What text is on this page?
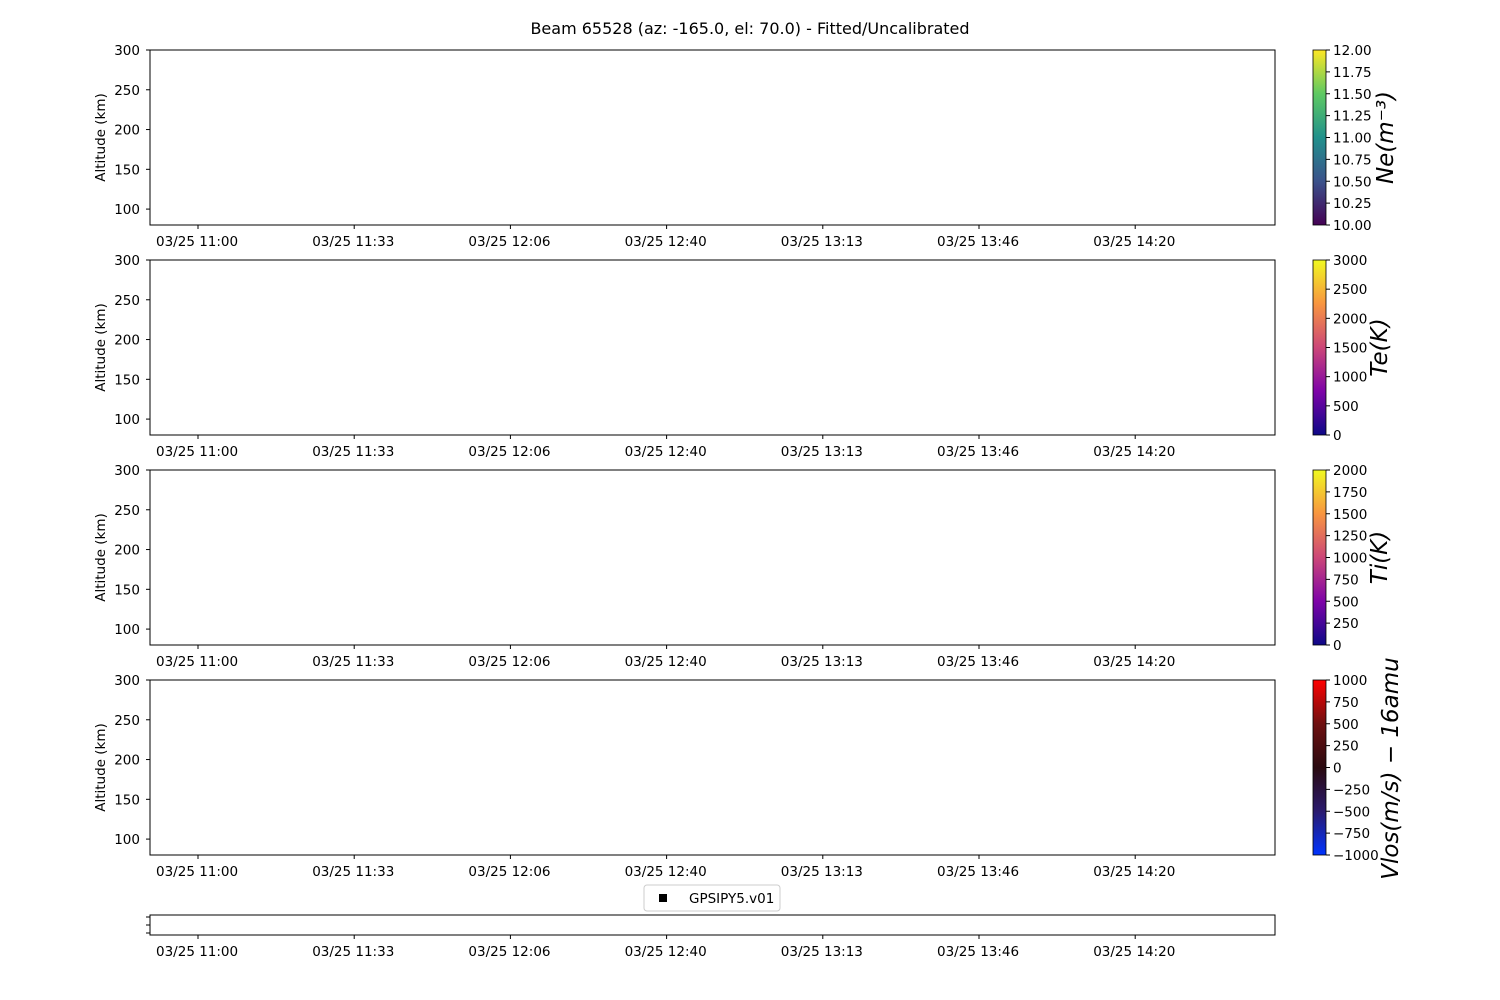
Beam 65528 (az: -165.0, el: 70.0) - Fitted/Uncalibrated
100
150
200
250
300
Altitude (km)
03/25 11:00	03/25 11:33	03/25 12:06	03/25 12:40	03/25 13:13	03/25 13:46	03/25 14:20
10.00
10.25
10.50
10.75
11.00
11.25
11.50
11.75
12.00
Ne(m⁻³)
100
150
200
250
300
Altitude (km)
03/25 11:00	03/25 11:33	03/25 12:06	03/25 12:40	03/25 13:13	03/25 13:46	03/25 14:20
0
500
1000
1500
2000
2500
3000
Te(K)
100
150
200
250
300
Altitude (km)
03/25 11:00	03/25 11:33	03/25 12:06	03/25 12:40	03/25 13:13	03/25 13:46	03/25 14:20
0
250
500
750
1000
1250
1500
1750
2000
Ti(K)
100
150
200
250
300
Altitude (km)
03/25 11:00	03/25 11:33	03/25 12:06	03/25 12:40	03/25 13:13	03/25 13:46	03/25 14:20
−1000
−750
−500
−250
0
250
500
750
1000 Vlos(m/s) − 16amu
GPSIPY5.v01
03/25 11:00	03/25 11:33	03/25 12:06	03/25 12:40	03/25 13:13	03/25 13:46	03/25 14:20
